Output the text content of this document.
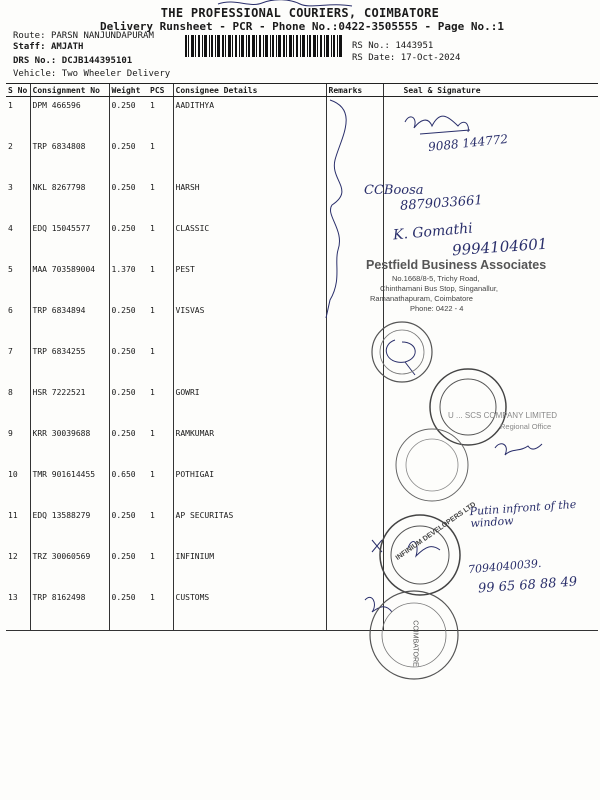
THE PROFESSIONAL COURIERS, COIMBATORE
Delivery Runsheet - PCR - Phone No.:0422-3505555 - Page No.:1
Route: PARSN NANJUNDAPURAM
Staff: AMJATH
DRS No.: DCJB144395101
Vehicle: Two Wheeler Delivery
RS No.: 1443951
RS Date: 17-Oct-2024
S No	Consignment No	Weight	PCS	Consignee Details	Remarks	Seal & Signature
1	DPM 466596	0.250	1	AADITHYA		
2	TRP 6834808	0.250	1			
3	NKL 8267798	0.250	1	HARSH		
4	EDQ 15045577	0.250	1	CLASSIC		
5	MAA 703589004	1.370	1	PEST		
6	TRP 6834894	0.250	1	VISVAS		
7	TRP 6834255	0.250	1			
8	HSR 7222521	0.250	1	GOWRI		
9	KRR 30039688	0.250	1	RAMKUMAR		
10	TMR 901614455	0.650	1	POTHIGAI		
11	EDQ 13588279	0.250	1	AP SECURITAS		
12	TRZ 30060569	0.250	1	INFINIUM		
13	TRP 8162498	0.250	1	CUSTOMS		
9088 144772
CCBoosa
8879033661
K. Gomathi
9994104601
Pestfield Business Associates
No.1668/8-5, Trichy Road,
Chinthamani Bus Stop, Singanallur,
Ramanathapuram, Coimbatore
Phone: 0422 - 4
U ... SCS COMPANY LIMITED
Regional Office
Putin infront of the window
INFINIUM DEVELOPERS LTD
7094040039.
99 65 68 88 49
COIMBATORE
